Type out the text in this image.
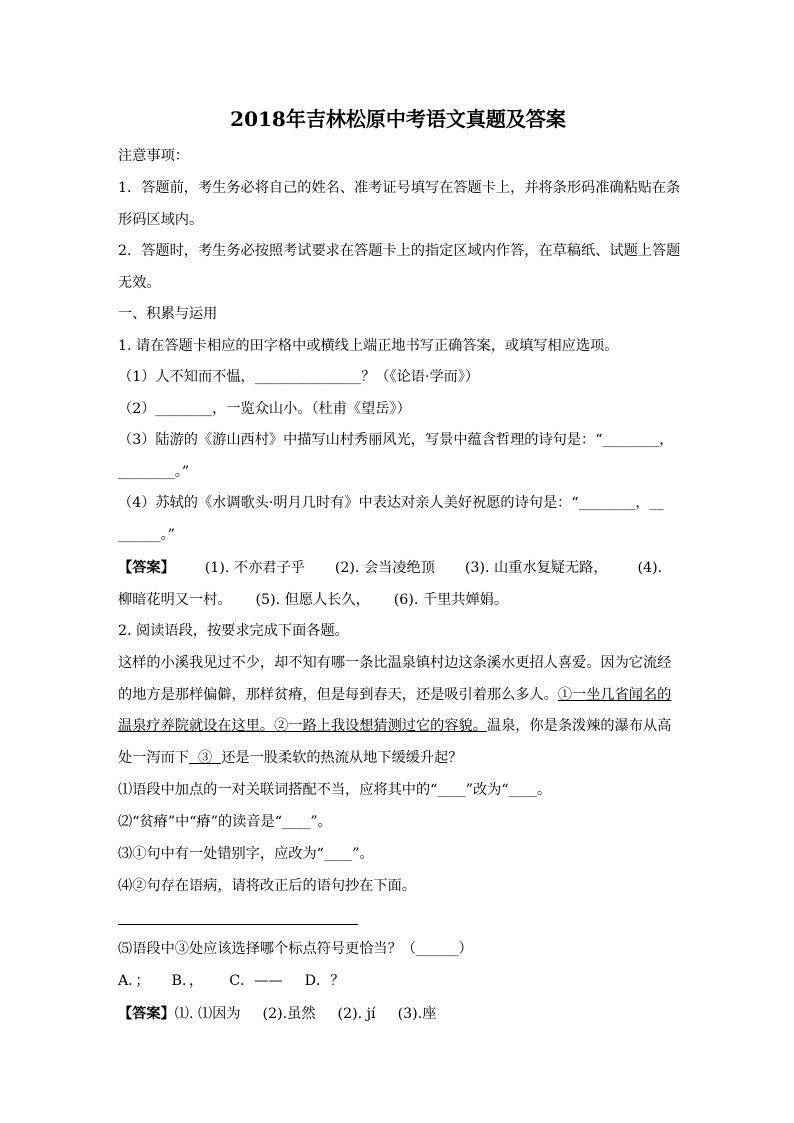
2018年吉林松原中考语文真题及答案
注意事项：
1．答题前，考生务必将自己的姓名、准考证号填写在答题卡上，并将条形码准确粘贴在条
形码区域内。
2．答题时，考生务必按照考试要求在答题卡上的指定区域内作答，在草稿纸、试题上答题
无效。
一、积累与运用
1. 请在答题卡相应的田字格中或横线上端正地书写正确答案，或填写相应选项。
（1）人不知而不愠，_______________？（《论语·学而》）
（2）________，一览众山小。（杜甫《望岳》）
（3）陆游的《游山西村》中描写山村秀丽风光，写景中蕴含哲理的诗句是：“________，
________。”
（4）苏轼的《水调歌头·明月几时有》中表达对亲人美好祝愿的诗句是：“________，__
______。”
【答案】 (1). 不亦君子乎 (2). 会当凌绝顶 (3). 山重水复疑无路， (4).
柳暗花明又一村。 (5). 但愿人长久， (6). 千里共婵娟。
2. 阅读语段，按要求完成下面各题。
这样的小溪我见过不少，却不知有哪一条比温泉镇村边这条溪水更招人喜爱。因为它流经
的地方是那样偏僻，那样贫瘠，但是每到春天，还是吸引着那么多人。①一坐几省闻名的
温泉疗养院就设在这里。②一路上我设想猜测过它的容貌。温泉，你是条泼辣的瀑布从高
处一泻而下  ③  还是一股柔软的热流从地下缓缓升起？
⑴语段中加点的一对关联词搭配不当，应将其中的“____”改为“____。
⑵“贫瘠”中“瘠”的读音是“____”。
⑶①句中有一处错别字，应改为“____”。
⑷②句存在语病，请将改正后的语句抄在下面。
⑸语段中③处应该选择哪个标点符号更恰当？（______）
A．； B．， C．—— D．？
【答案】⑴. ⑴因为 (2).虽然 (2). jí (3).座
